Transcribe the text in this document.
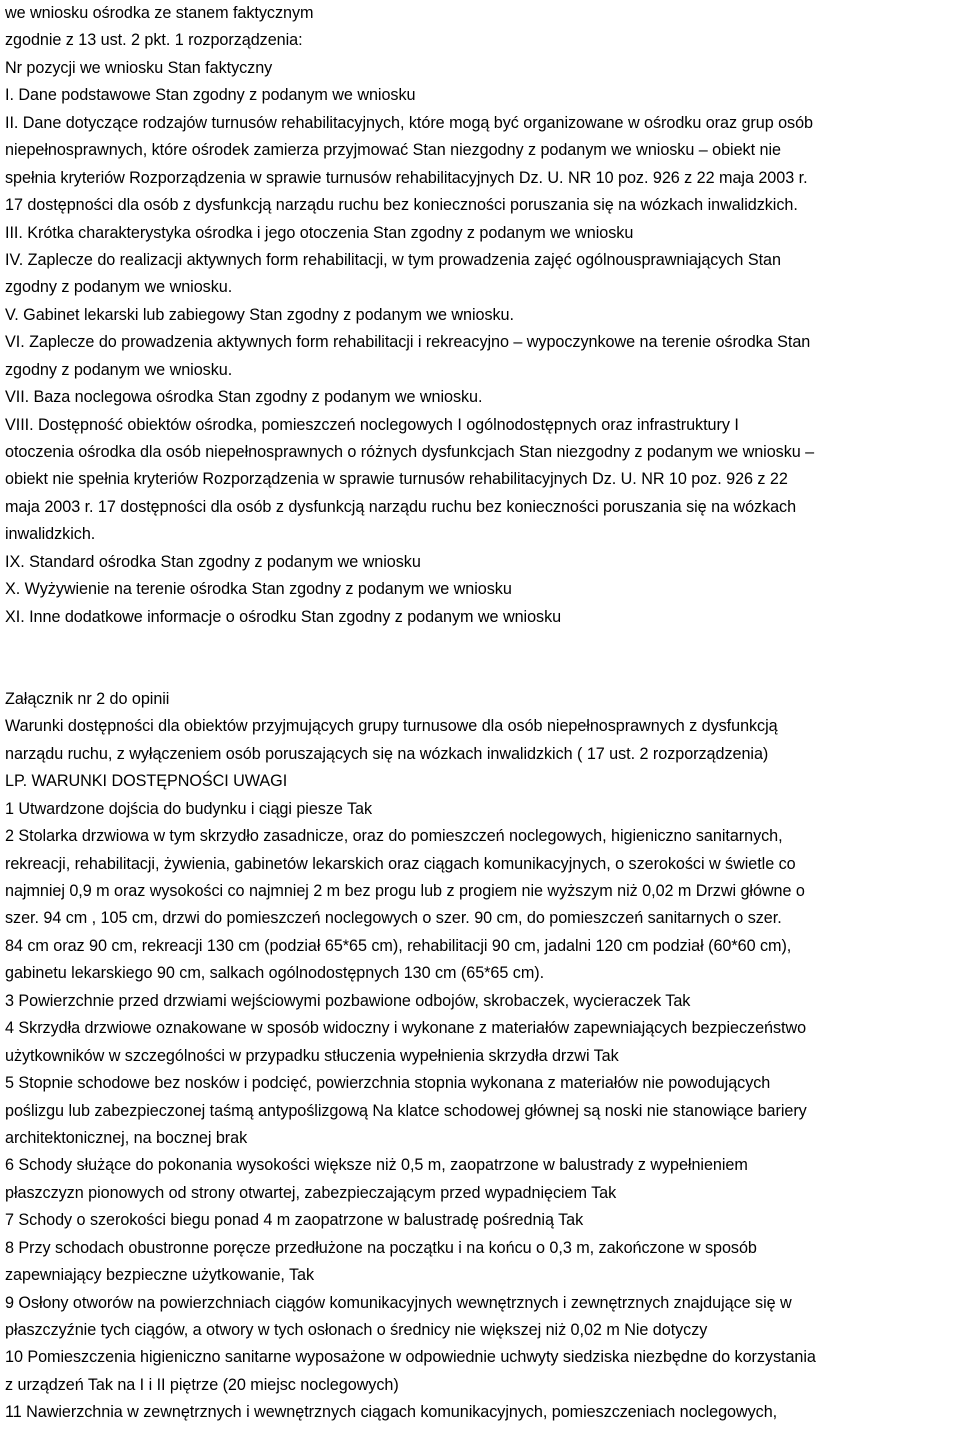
we wniosku ośrodka ze stanem faktycznym
zgodnie z 13 ust. 2 pkt. 1 rozporządzenia:
Nr pozycji we wniosku Stan faktyczny
I. Dane podstawowe Stan zgodny z podanym we wniosku
II. Dane dotyczące rodzajów turnusów rehabilitacyjnych, które mogą być organizowane w ośrodku oraz grup osób
niepełnosprawnych, które ośrodek zamierza przyjmować Stan niezgodny z podanym we wniosku – obiekt nie
spełnia kryteriów Rozporządzenia w sprawie turnusów rehabilitacyjnych Dz. U. NR 10 poz. 926 z 22 maja 2003 r.
17 dostępności dla osób z dysfunkcją narządu ruchu bez konieczności poruszania się na wózkach inwalidzkich.
III. Krótka charakterystyka ośrodka i jego otoczenia Stan zgodny z podanym we wniosku
IV. Zaplecze do realizacji aktywnych form rehabilitacji, w tym prowadzenia zajęć ogólnousprawniających Stan
zgodny z podanym we wniosku.
V. Gabinet lekarski lub zabiegowy Stan zgodny z podanym we wniosku.
VI. Zaplecze do prowadzenia aktywnych form rehabilitacji i rekreacyjno – wypoczynkowe na terenie ośrodka Stan
zgodny z podanym we wniosku.
VII. Baza noclegowa ośrodka Stan zgodny z podanym we wniosku.
VIII. Dostępność obiektów ośrodka, pomieszczeń noclegowych I ogólnodostępnych oraz infrastruktury I
otoczenia ośrodka dla osób niepełnosprawnych o różnych dysfunkcjach Stan niezgodny z podanym we wniosku –
obiekt nie spełnia kryteriów Rozporządzenia w sprawie turnusów rehabilitacyjnych Dz. U. NR 10 poz. 926 z 22
maja 2003 r. 17 dostępności dla osób z dysfunkcją narządu ruchu bez konieczności poruszania się na wózkach
inwalidzkich.
IX. Standard ośrodka Stan zgodny z podanym we wniosku
X. Wyżywienie na terenie ośrodka Stan zgodny z podanym we wniosku
XI. Inne dodatkowe informacje o ośrodku Stan zgodny z podanym we wniosku
Załącznik nr 2 do opinii
Warunki dostępności dla obiektów przyjmujących grupy turnusowe dla osób niepełnosprawnych z dysfunkcją
narządu ruchu, z wyłączeniem osób poruszających się na wózkach inwalidzkich ( 17 ust. 2 rozporządzenia)
LP. WARUNKI DOSTĘPNOŚCI UWAGI
1 Utwardzone dojścia do budynku i ciągi piesze Tak
2 Stolarka drzwiowa w tym skrzydło zasadnicze, oraz do pomieszczeń noclegowych, higieniczno sanitarnych,
rekreacji, rehabilitacji, żywienia, gabinetów lekarskich oraz ciągach komunikacyjnych, o szerokości w świetle co
najmniej 0,9 m oraz wysokości co najmniej 2 m bez progu lub z progiem nie wyższym niż 0,02 m Drzwi główne o
szer. 94 cm , 105 cm, drzwi do pomieszczeń noclegowych o szer. 90 cm, do pomieszczeń sanitarnych o szer.
84 cm oraz 90 cm, rekreacji 130 cm (podział 65*65 cm), rehabilitacji 90 cm, jadalni 120 cm podział (60*60 cm),
gabinetu lekarskiego 90 cm, salkach ogólnodostępnych 130 cm (65*65 cm).
3 Powierzchnie przed drzwiami wejściowymi pozbawione odbojów, skrobaczek, wycieraczek Tak
4 Skrzydła drzwiowe oznakowane w sposób widoczny i wykonane z materiałów zapewniających bezpieczeństwo
użytkowników w szczególności w przypadku stłuczenia wypełnienia skrzydła drzwi Tak
5 Stopnie schodowe bez nosków i podcięć, powierzchnia stopnia wykonana z materiałów nie powodujących
poślizgu lub zabezpieczonej taśmą antypoślizgową Na klatce schodowej głównej są noski nie stanowiące bariery
architektonicznej, na bocznej brak
6 Schody służące do pokonania wysokości większe niż 0,5 m, zaopatrzone w balustrady z wypełnieniem
płaszczyzn pionowych od strony otwartej, zabezpieczającym przed wypadnięciem Tak
7 Schody o szerokości biegu ponad 4 m zaopatrzone w balustradę pośrednią Tak
8 Przy schodach obustronne poręcze przedłużone na początku i na końcu o 0,3 m, zakończone w sposób
zapewniający bezpieczne użytkowanie, Tak
9 Osłony otworów na powierzchniach ciągów komunikacyjnych wewnętrznych i zewnętrznych znajdujące się w
płaszczyźnie tych ciągów, a otwory w tych osłonach o średnicy nie większej niż 0,02 m Nie dotyczy
10 Pomieszczenia higieniczno sanitarne wyposażone w odpowiednie uchwyty siedziska niezbędne do korzystania
z urządzeń Tak na I i II piętrze (20 miejsc noclegowych)
11 Nawierzchnia w zewnętrznych i wewnętrznych ciągach komunikacyjnych, pomieszczeniach noclegowych,
